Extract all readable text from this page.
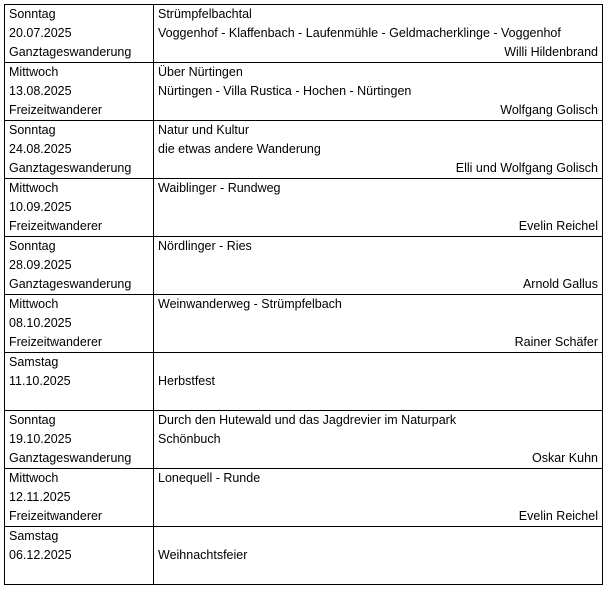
Sonntag
20.07.2025
Ganztageswanderung	Strümpfelbachtal
Voggenhof - Klaffenbach - Laufenmühle - Geldmacherklinge - Voggenhof
Willi Hildenbrand

Mittwoch
13.08.2025
Freizeitwanderer	Über Nürtingen
Nürtingen - Villa Rustica - Hochen - Nürtingen
Wolfgang Golisch

Sonntag
24.08.2025
Ganztageswanderung	Natur und Kultur
die etwas andere Wanderung
Elli und Wolfgang Golisch

Mittwoch
10.09.2025
Freizeitwanderer	Waiblinger - Rundweg
Evelin Reichel

Sonntag
28.09.2025
Ganztageswanderung	Nördlinger - Ries
Arnold Gallus

Mittwoch
08.10.2025
Freizeitwanderer	Weinwanderweg - Strümpfelbach
Rainer Schäfer

Samstag
11.10.2025	Herbstfest

Sonntag
19.10.2025
Ganztageswanderung	Durch den Hutewald und das Jagdrevier im Naturpark
Schönbuch
Oskar Kuhn

Mittwoch
12.11.2025
Freizeitwanderer	Lonequell - Runde
Evelin Reichel

Samstag
06.12.2025	Weihnachtsfeier
